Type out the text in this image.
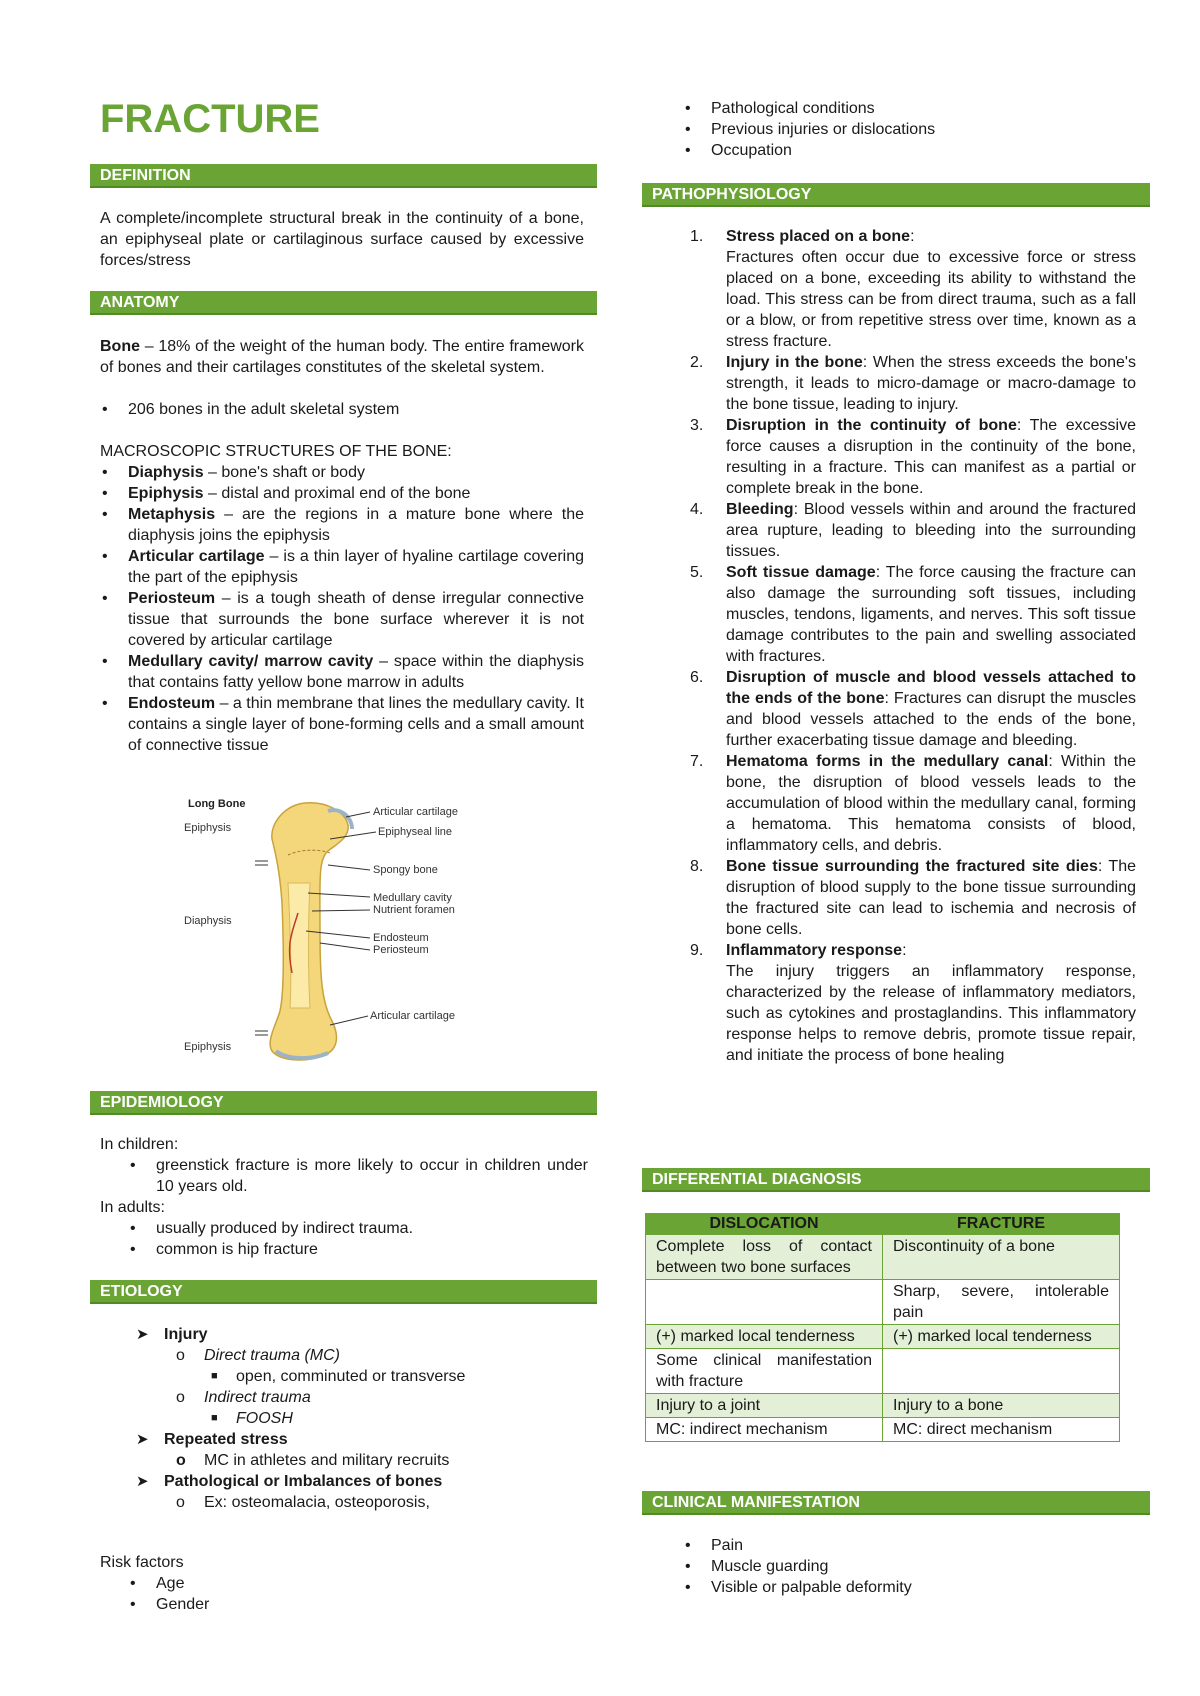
FRACTURE
DEFINITION
A complete/incomplete structural break in the continuity of a bone, an epiphyseal plate or cartilaginous surface caused by excessive forces/stress
ANATOMY
Bone – 18% of the weight of the human body. The entire framework of bones and their cartilages constitutes of the skeletal system.
• 206 bones in the adult skeletal system
MACROSCOPIC STRUCTURES OF THE BONE:
• Diaphysis – bone's shaft or body
• Epiphysis – distal and proximal end of the bone
• Metaphysis – are the regions in a mature bone where the diaphysis joins the epiphysis
• Articular cartilage – is a thin layer of hyaline cartilage covering the part of the epiphysis
• Periosteum – is a tough sheath of dense irregular connective tissue that surrounds the bone surface wherever it is not covered by articular cartilage
• Medullary cavity/ marrow cavity – space within the diaphysis that contains fatty yellow bone marrow in adults
• Endosteum – a thin membrane that lines the medullary cavity. It contains a single layer of bone-forming cells and a small amount of connective tissue
Long Bone
Epiphysis
Diaphysis
Epiphysis
Articular cartilage
Epiphyseal line
Spongy bone
Medullary cavity
Nutrient foramen
Endosteum
Periosteum
Articular cartilage
EPIDEMIOLOGY
In children:
• greenstick fracture is more likely to occur in children under 10 years old.
In adults:
• usually produced by indirect trauma.
• common is hip fracture
ETIOLOGY
➤ Injury
o Direct trauma (MC)
■ open, comminuted or transverse
o Indirect trauma
■ FOOSH
➤ Repeated stress
o MC in athletes and military recruits
➤ Pathological or Imbalances of bones
o Ex: osteomalacia, osteoporosis,
Risk factors
• Age
• Gender
• Pathological conditions
• Previous injuries or dislocations
• Occupation
PATHOPHYSIOLOGY
1. Stress placed on a bone:
Fractures often occur due to excessive force or stress placed on a bone, exceeding its ability to withstand the load. This stress can be from direct trauma, such as a fall or a blow, or from repetitive stress over time, known as a stress fracture.
2. Injury in the bone: When the stress exceeds the bone's strength, it leads to micro-damage or macro-damage to the bone tissue, leading to injury.
3. Disruption in the continuity of bone: The excessive force causes a disruption in the continuity of the bone, resulting in a fracture. This can manifest as a partial or complete break in the bone.
4. Bleeding: Blood vessels within and around the fractured area rupture, leading to bleeding into the surrounding tissues.
5. Soft tissue damage: The force causing the fracture can also damage the surrounding soft tissues, including muscles, tendons, ligaments, and nerves. This soft tissue damage contributes to the pain and swelling associated with fractures.
6. Disruption of muscle and blood vessels attached to the ends of the bone: Fractures can disrupt the muscles and blood vessels attached to the ends of the bone, further exacerbating tissue damage and bleeding.
7. Hematoma forms in the medullary canal: Within the bone, the disruption of blood vessels leads to the accumulation of blood within the medullary canal, forming a hematoma. This hematoma consists of blood, inflammatory cells, and debris.
8. Bone tissue surrounding the fractured site dies: The disruption of blood supply to the bone tissue surrounding the fractured site can lead to ischemia and necrosis of bone cells.
9. Inflammatory response:
The injury triggers an inflammatory response, characterized by the release of inflammatory mediators, such as cytokines and prostaglandins. This inflammatory response helps to remove debris, promote tissue repair, and initiate the process of bone healing
DIFFERENTIAL DIAGNOSIS
DISLOCATION	FRACTURE
Complete loss of contact between two bone surfaces	Discontinuity of a bone
	Sharp, severe, intolerable pain
(+) marked local tenderness	(+) marked local tenderness
Some clinical manifestation with fracture	
Injury to a joint	Injury to a bone
MC: indirect mechanism	MC: direct mechanism
CLINICAL MANIFESTATION
• Pain
• Muscle guarding
• Visible or palpable deformity
